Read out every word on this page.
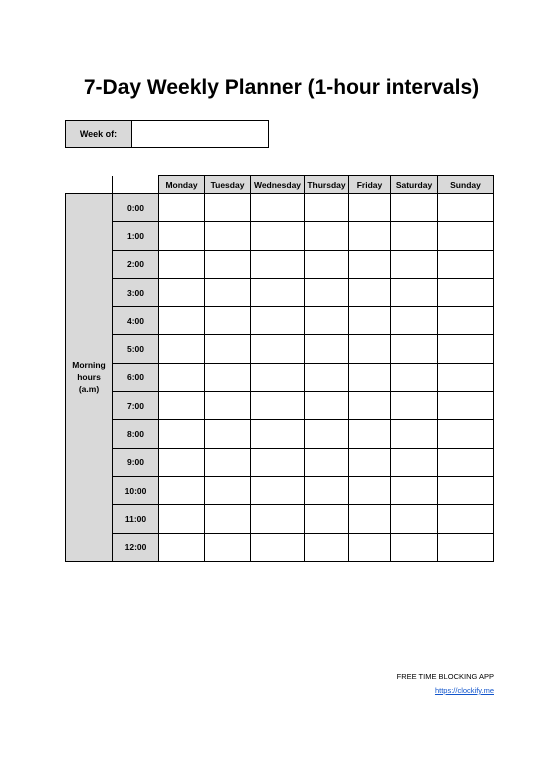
7-Day Weekly Planner (1-hour intervals)
Week of:
		Monday	Tuesday	Wednesday	Thursday	Friday	Saturday	Sunday

Morning
hours
(a.m)	0:00							
	1:00							
	2:00							
	3:00							
	4:00							
	5:00							
	6:00							
	7:00							
	8:00							
	9:00							
	10:00							
	11:00							
	12:00							
FREE TIME BLOCKING APP
https://clockify.me
